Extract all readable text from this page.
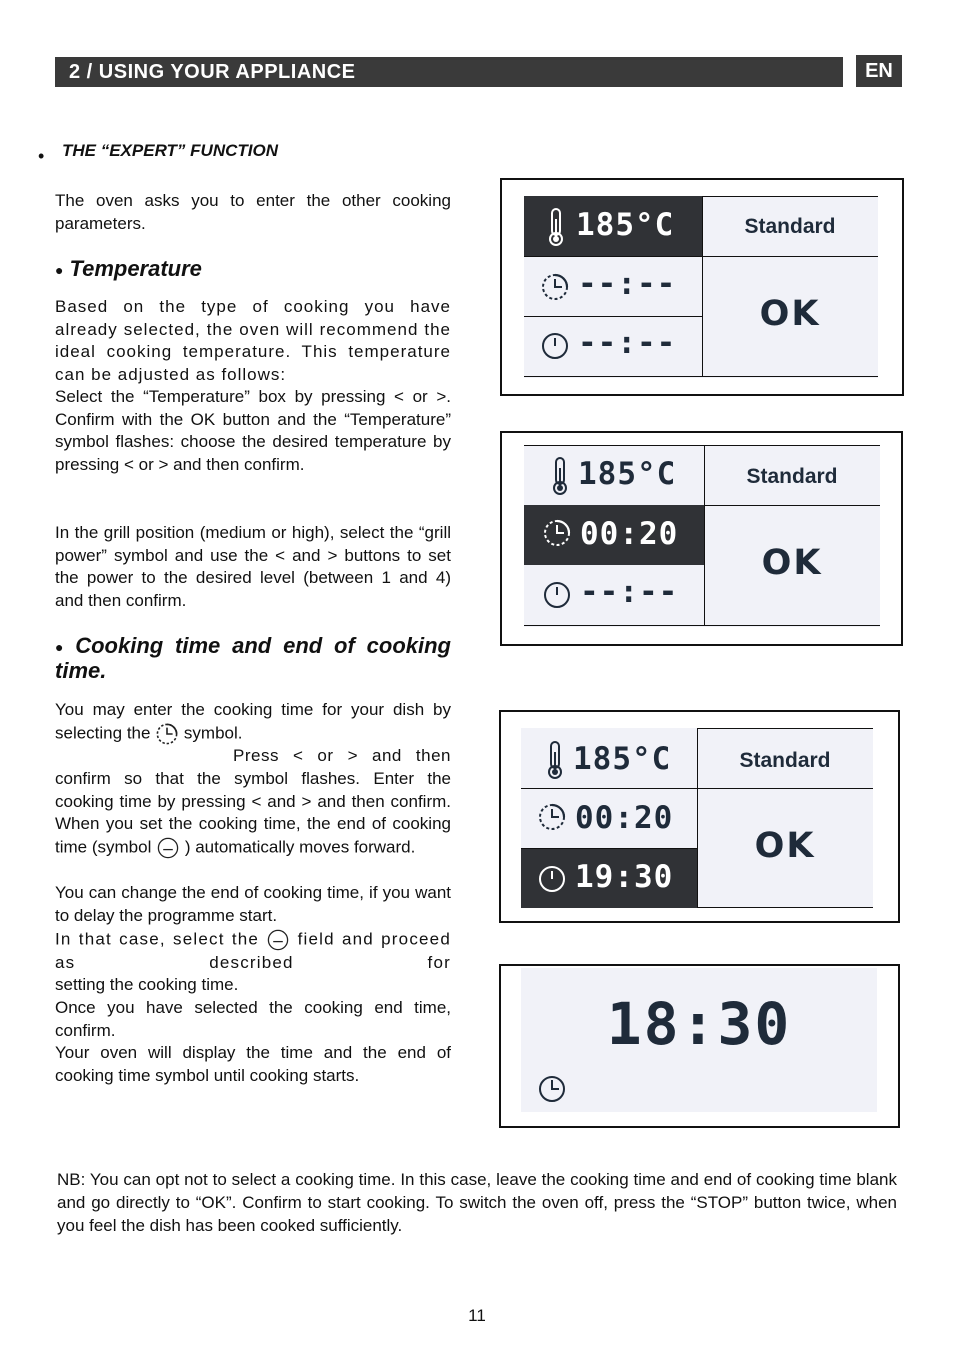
2 / USING YOUR APPLIANCE	EN
• THE “EXPERT” FUNCTION
The oven asks you to enter the other cooking parameters.
● Temperature
Based on the type of cooking you have already selected, the oven will recommend the ideal cooking temperature. This temperature can be adjusted as follows:
Select the “Temperature” box by pressing < or >. Confirm with the OK button and the “Temperature” symbol flashes: choose the desired temperature by pressing < or > and then confirm.
In the grill position (medium or high), select the “grill power” symbol and use the < and > buttons to set the power to the desired level (between 1 and 4) and then confirm.
● Cooking time and end of cooking time.
You may enter the cooking time for your dish by selecting the symbol.
Press < or > and then
confirm so that the symbol flashes. Enter the cooking time by pressing < and > and then confirm. When you set the cooking time, the end of cooking time (symbol ) automatically moves forward.
You can change the end of cooking time, if you want to delay the programme start.
In that case, select the field and proceed as described for
setting the cooking time.
Once you have selected the cooking end time, confirm.
Your oven will display the time and the end of cooking time symbol until cooking starts.
185°C
--:--
--:--
Standard
OK
185°C
00:20
--:--
Standard
OK
185°C
00:20
19:30
Standard
OK
18:30
NB: You can opt not to select a cooking time. In this case, leave the cooking time and end of cooking time blank and go directly to “OK”. Confirm to start cooking. To switch the oven off, press the “STOP” button twice, when you feel the dish has been cooked sufficiently.
11
